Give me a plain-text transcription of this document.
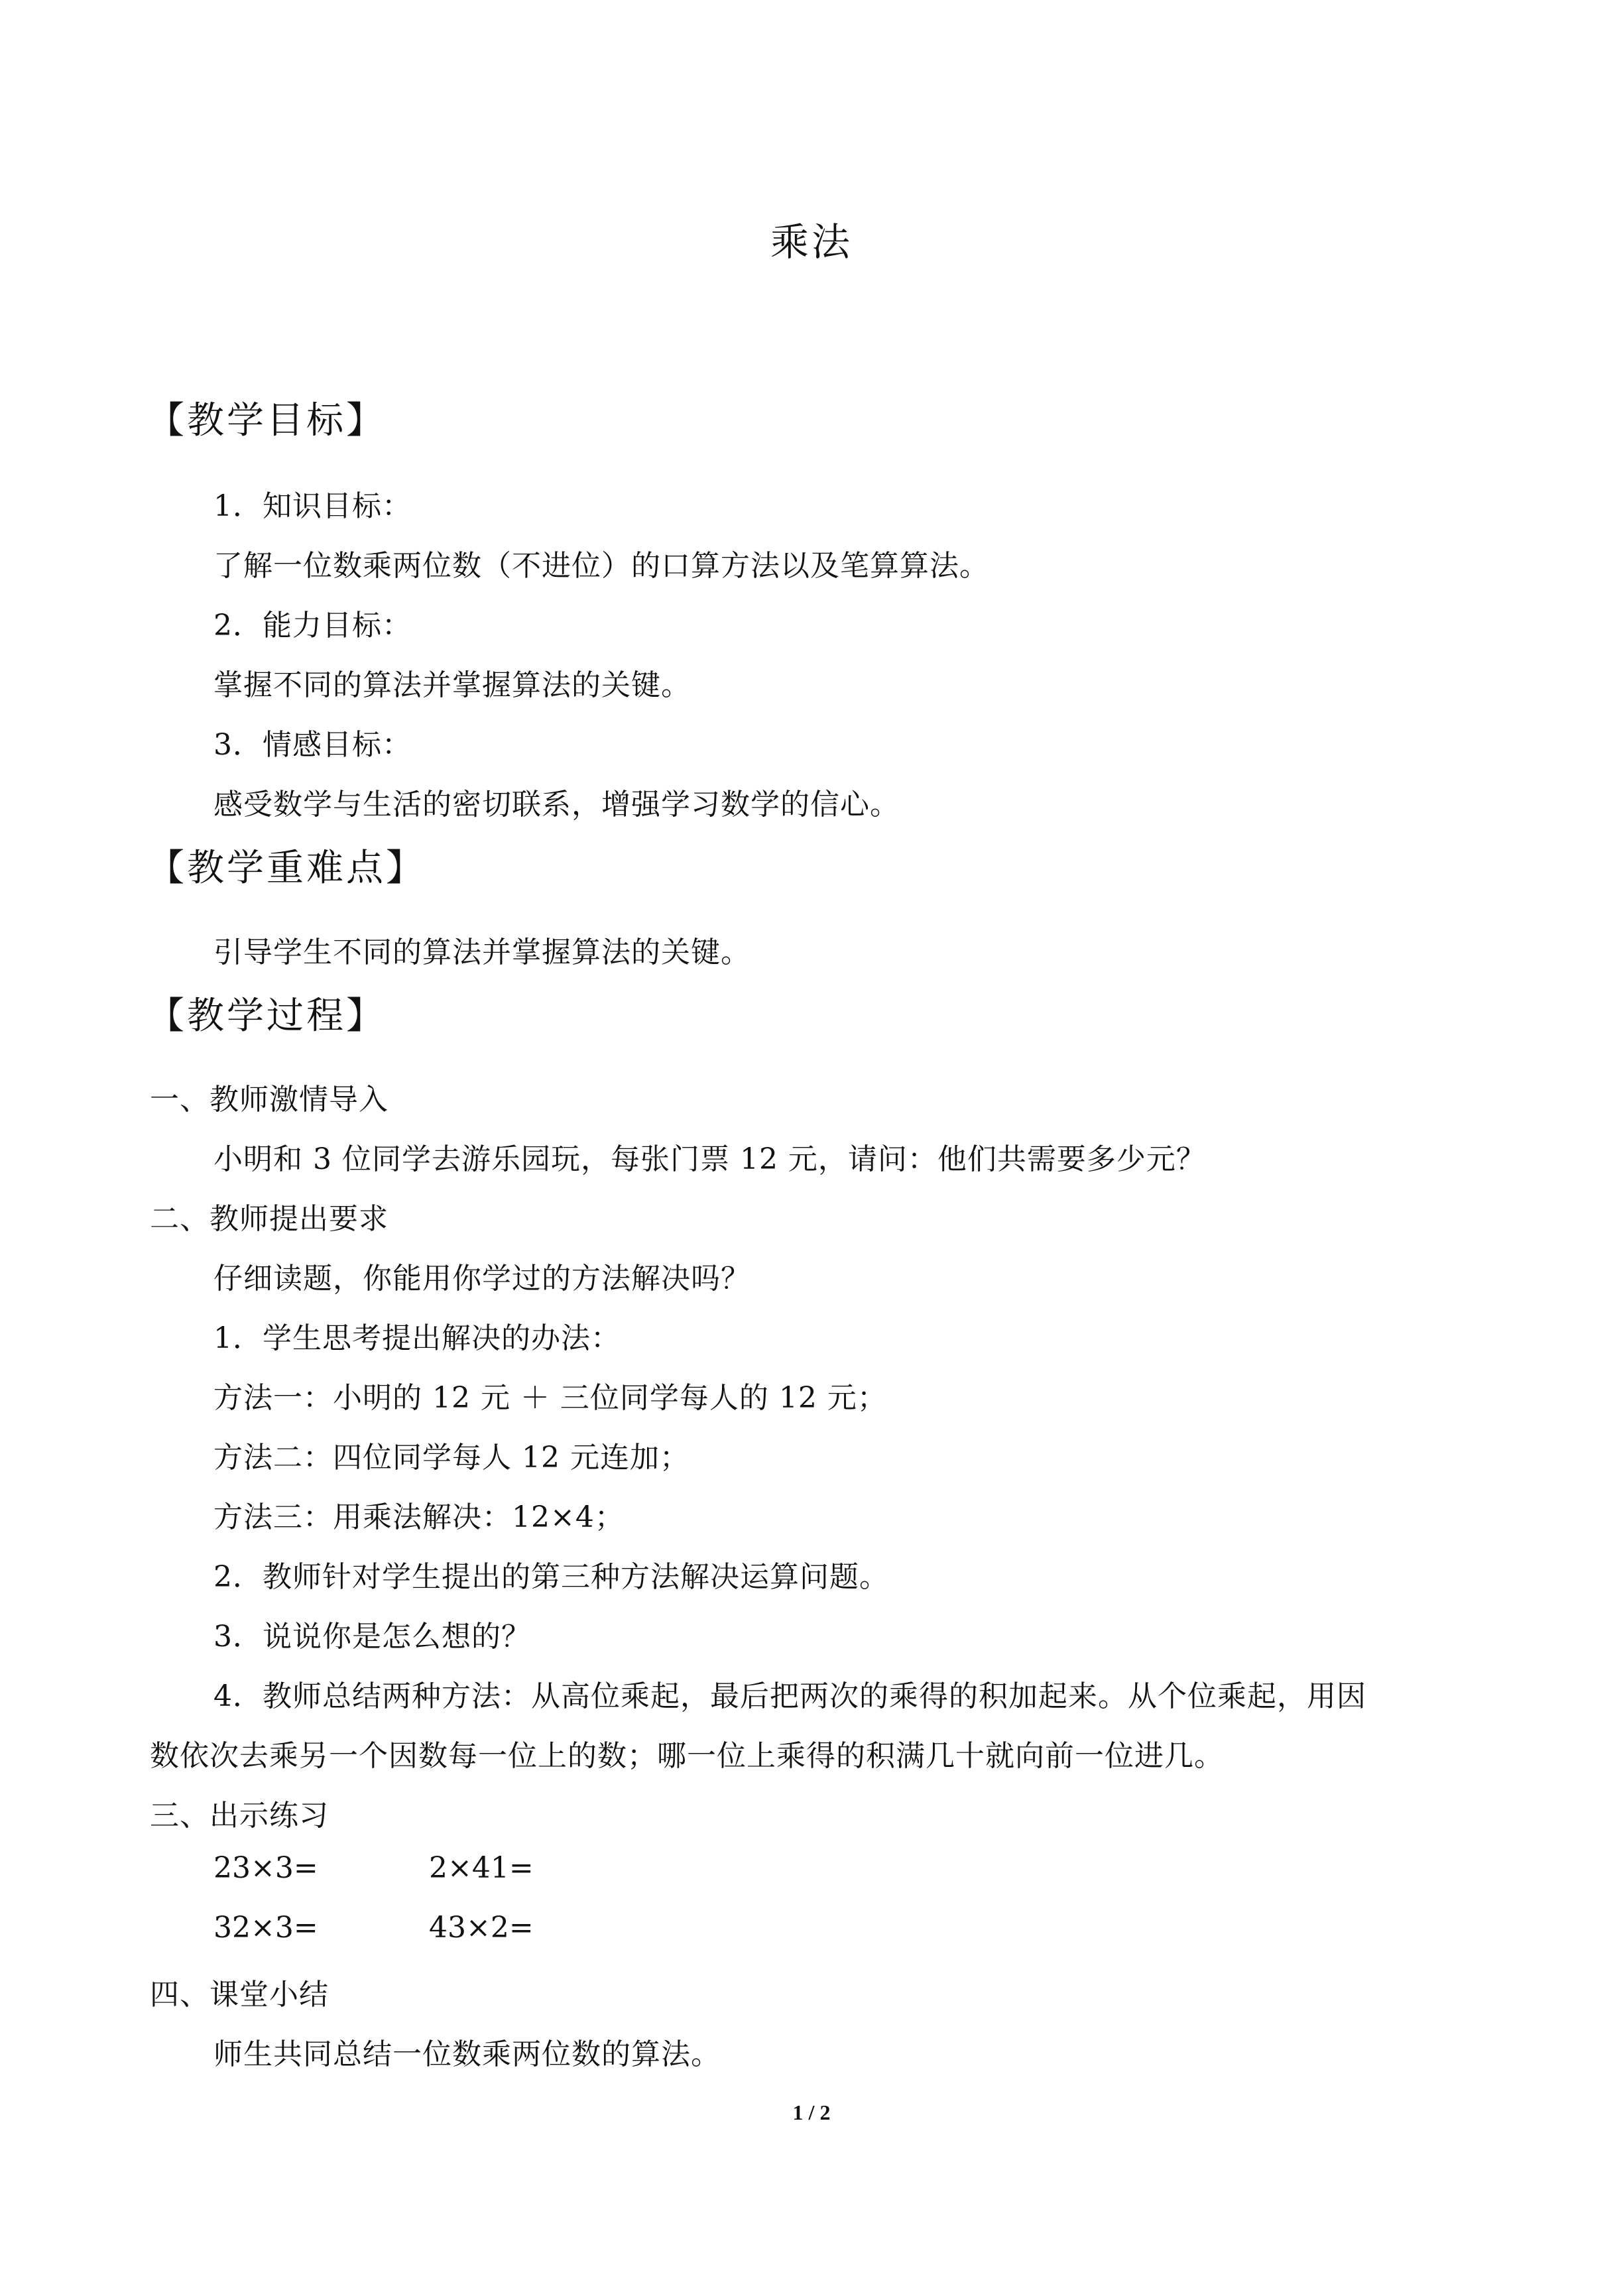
乘法
【教学目标】
1．知识目标：
了解一位数乘两位数（不进位）的口算方法以及笔算算法。
2．能力目标：
掌握不同的算法并掌握算法的关键。
3．情感目标：
感受数学与生活的密切联系，增强学习数学的信心。
【教学重难点】
引导学生不同的算法并掌握算法的关键。
【教学过程】
一、教师激情导入
小明和 3 位同学去游乐园玩，每张门票 12 元，请问：他们共需要多少元？
二、教师提出要求
仔细读题，你能用你学过的方法解决吗？
1．学生思考提出解决的办法：
方法一：小明的 12 元 ＋ 三位同学每人的 12 元；
方法二：四位同学每人 12 元连加；
方法三：用乘法解决：12×4；
2．教师针对学生提出的第三种方法解决运算问题。
3．说说你是怎么想的？
4．教师总结两种方法：从高位乘起，最后把两次的乘得的积加起来。从个位乘起，用因
数依次去乘另一个因数每一位上的数；哪一位上乘得的积满几十就向前一位进几。
三、出示练习
23×3=	2×41=
32×3=	43×2=
四、课堂小结
师生共同总结一位数乘两位数的算法。
1 / 2
